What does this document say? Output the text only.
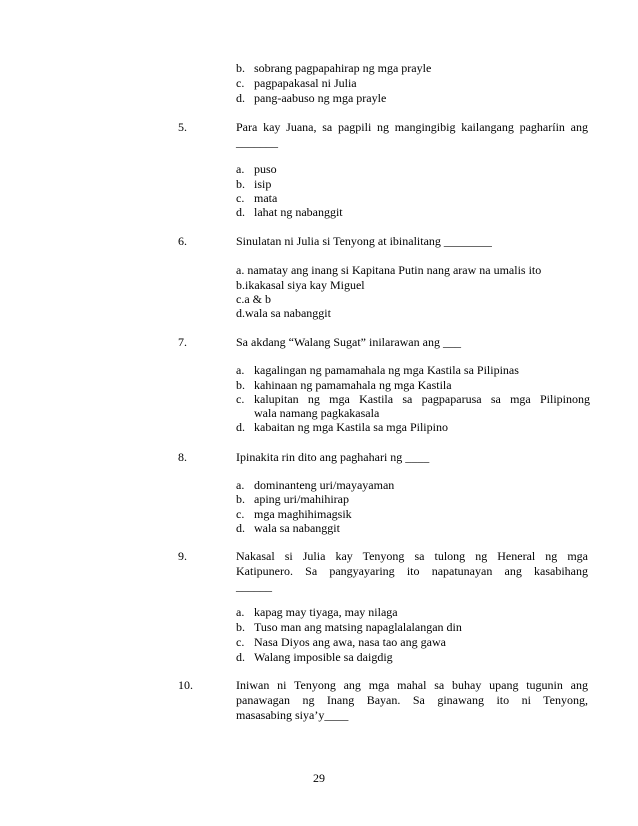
b. sobrang pagpapahirap ng mga prayle
c. pagpapakasal ni Julia
d. pang-aabuso ng mga prayle
5.	Para kay Juana, sa pagpili ng mangingibig kailangang pagharíin ang
_______
a. puso
b. isip
c. mata
d. lahat ng nabanggit
6.	Sinulatan ni Julia si Tenyong at ibinalitang ________
a. namatay ang inang si Kapitana Putin nang araw na umalis ito
b.ikakasal siya kay Miguel
c.a & b
d.wala sa nabanggit
7.	Sa akdang “Walang Sugat” inilarawan ang ___
a. kagalingan ng pamamahala ng mga Kastila sa Pilipinas
b. kahinaan ng pamamahala ng mga Kastila
c. kalupitan ng mga Kastila sa pagpaparusa sa mga Pilipinong
wala namang pagkakasala
d. kabaitan ng mga Kastila sa mga Pilipino
8.	Ipinakita rin dito ang paghahari ng ____
a. dominanteng uri/mayayaman
b. aping uri/mahihirap
c. mga maghihimagsik
d. wala sa nabanggit
9.	Nakasal si Julia kay Tenyong sa tulong ng Heneral ng mga
Katipunero. Sa pangyayaring ito napatunayan ang kasabihang
______
a. kapag may tiyaga, may nilaga
b. Tuso man ang matsing napaglalalangan din
c. Nasa Diyos ang awa, nasa tao ang gawa
d. Walang imposible sa daigdig
10.	Iniwan ni Tenyong ang mga mahal sa buhay upang tugunin ang
panawagan ng Inang Bayan. Sa ginawang ito ni Tenyong,
masasabing siya’y____
29
